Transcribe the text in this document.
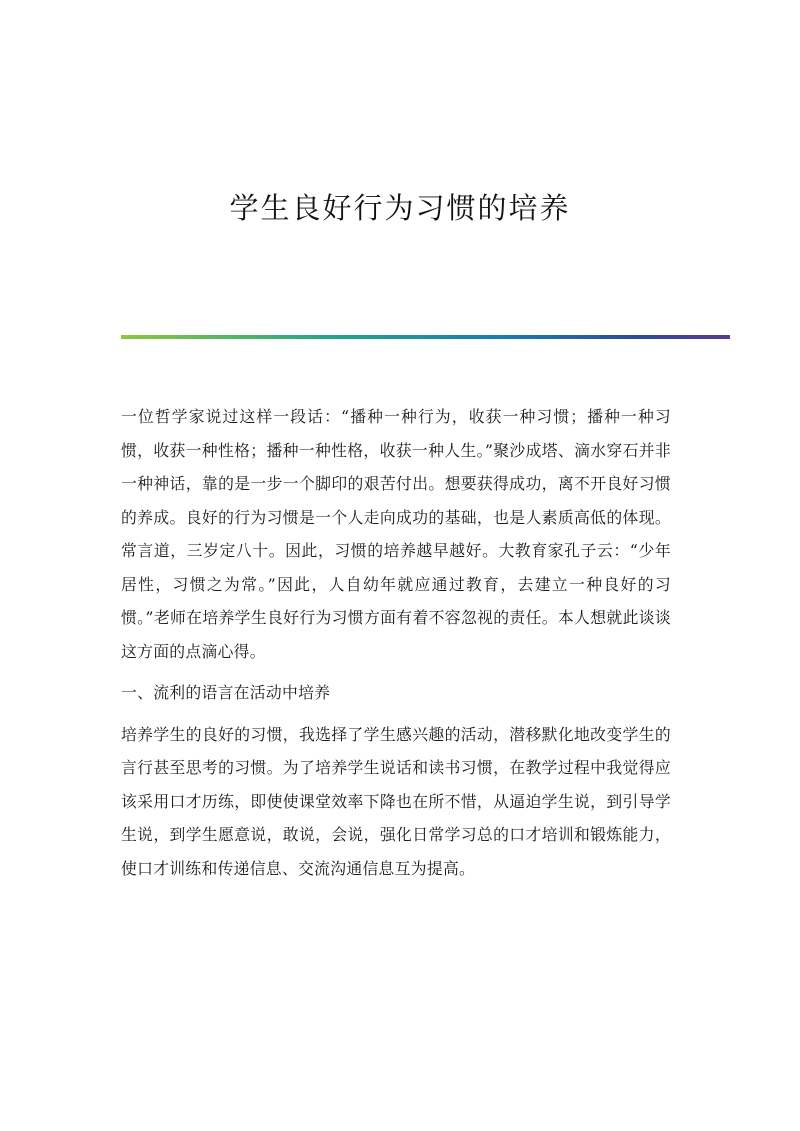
学生良好行为习惯的培养

一位哲学家说过这样一段话：“播种一种行为，收获一种习惯；播种一种习惯，收获一种性格；播种一种性格，收获一种人生。”聚沙成塔、滴水穿石并非一种神话，靠的是一步一个脚印的艰苦付出。想要获得成功，离不开良好习惯的养成。良好的行为习惯是一个人走向成功的基础，也是人素质高低的体现。常言道，三岁定八十。因此，习惯的培养越早越好。大教育家孔子云：“少年居性，习惯之为常。”因此，人自幼年就应通过教育，去建立一种良好的习惯。”老师在培养学生良好行为习惯方面有着不容忽视的责任。本人想就此谈谈这方面的点滴心得。

一、流利的语言在活动中培养

培养学生的良好的习惯，我选择了学生感兴趣的活动，潜移默化地改变学生的言行甚至思考的习惯。为了培养学生说话和读书习惯，在教学过程中我觉得应该采用口才历练，即使使课堂效率下降也在所不惜，从逼迫学生说，到引导学生说，到学生愿意说，敢说，会说，强化日常学习总的口才培训和锻炼能力，使口才训练和传递信息、交流沟通信息互为提高。
